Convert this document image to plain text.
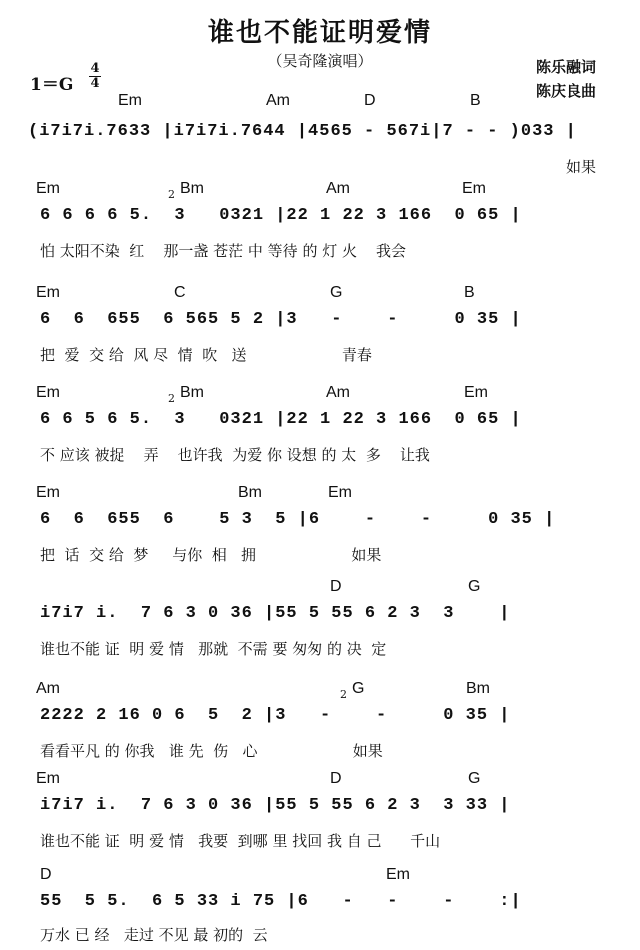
谁也不能证明爱情
（吴奇隆演唱）	陈乐融词
陈庆良曲
1＝G
4
4
Em	Am	D	B
(i7i7i.7633 |i7i7i.7644 |4565 - 567i|7 - - )033 |
如果
Em	2 Bm	Am	Em
6 6 6 6 5.  3   0321 |22 1 22 3 166  0 65 |
怕 太阳不染  红    那一盏 苍茫 中 等待 的 灯 火    我会
Em	C	G	B
6  6  655  6 565 5 2 |3   -    -     0 35 |
把  爱  交 给  风 尽  情  吹   送                    青春
Em	2 Bm	Am	Em
6 6 5 6 5.  3   0321 |22 1 22 3 166  0 65 |
不 应该 被捉    弄    也许我  为爱 你 设想 的 太  多    让我
Em	Bm	Em
6  6  655  6    5 3  5 |6    -    -     0 35 |
把  话  交 给  梦     与你  相   拥                    如果
D	G
i7i7 i.  7 6 3 0 36 |55 5 55 6 2 3  3    |
谁也不能 证  明 爱 情   那就  不需 要 匆匆 的 决  定
Am	2 G	Bm
2222 2 16 0 6  5  2 |3   -    -     0 35 |
看看平凡 的 你我   谁 先  伤   心                    如果
Em	D	G
i7i7 i.  7 6 3 0 36 |55 5 55 6 2 3  3 33 |
谁也不能 证  明 爱 情   我要  到哪 里 找回 我 自 己      千山
D	Em
55  5 5.  6 5 33 i 75 |6   -   -    -    :|
万水 已 经   走过 不见 最 初的  云
